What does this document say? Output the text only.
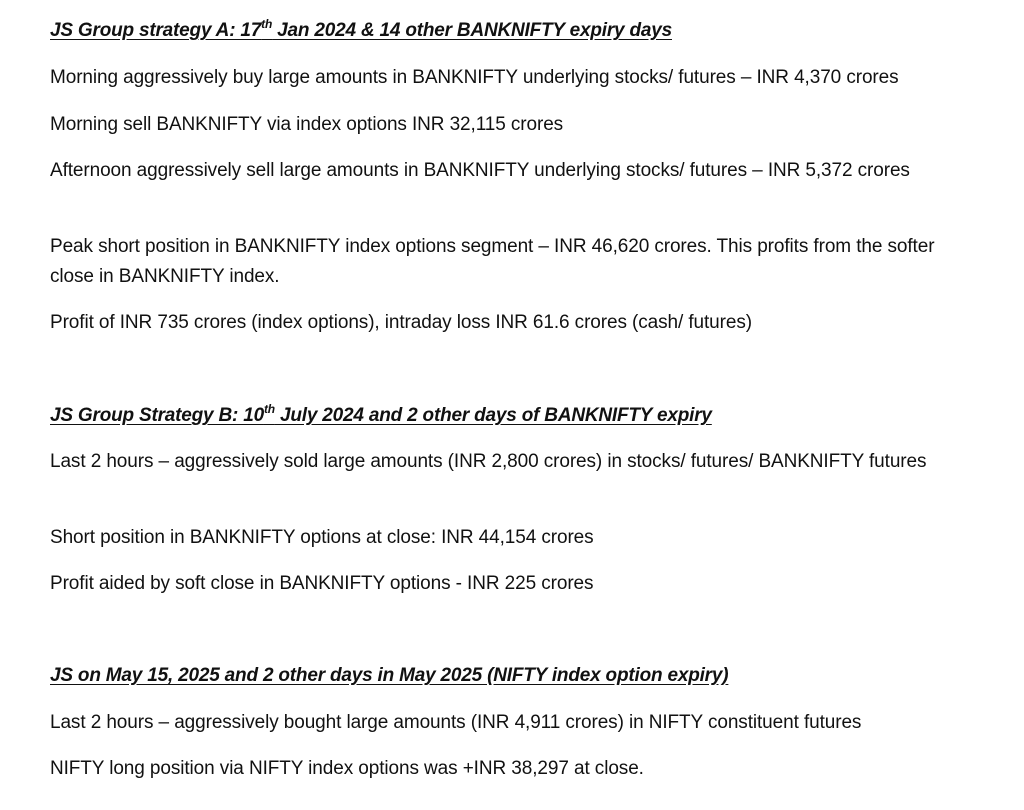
JS Group strategy A: 17th Jan 2024 & 14 other BANKNIFTY expiry days
Morning aggressively buy large amounts in BANKNIFTY underlying stocks/ futures – INR 4,370 crores
Morning sell BANKNIFTY via index options INR 32,115 crores
Afternoon aggressively sell large amounts in BANKNIFTY underlying stocks/ futures – INR 5,372 crores
Peak short position in BANKNIFTY index options segment – INR 46,620 crores. This profits from the softer close in BANKNIFTY index.
Profit of INR 735 crores (index options), intraday loss INR 61.6 crores (cash/ futures)
JS Group Strategy B: 10th July 2024 and 2 other days of BANKNIFTY expiry
Last 2 hours – aggressively sold large amounts (INR 2,800 crores) in stocks/ futures/ BANKNIFTY futures
Short position in BANKNIFTY options at close: INR 44,154 crores
Profit aided by soft close in BANKNIFTY options - INR 225 crores
JS on May 15, 2025 and 2 other days in May 2025 (NIFTY index option expiry)
Last 2 hours – aggressively bought large amounts (INR 4,911 crores) in NIFTY constituent futures
NIFTY long position via NIFTY index options was +INR 38,297 at close.
